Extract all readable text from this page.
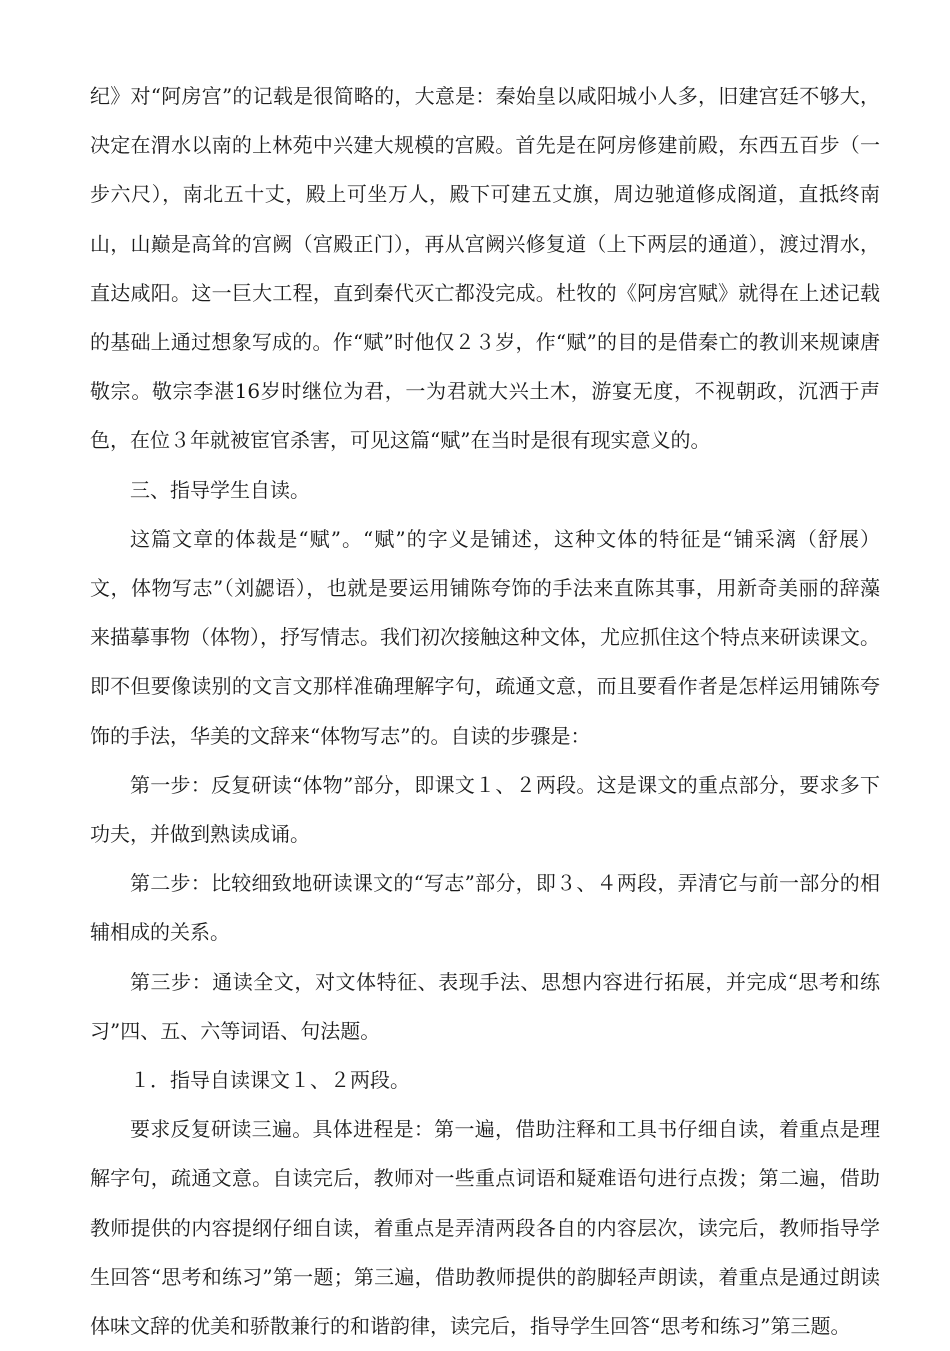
纪》对“阿房宫”的记载是很简略的，大意是：秦始皇以咸阳城小人多，旧建宫廷不够大，决定在渭水以南的上林苑中兴建大规模的宫殿。首先是在阿房修建前殿，东西五百步（一步六尺），南北五十丈，殿上可坐万人，殿下可建五丈旗，周边驰道修成阁道，直抵终南山，山巅是高耸的宫阙（宫殿正门），再从宫阙兴修复道（上下两层的通道），渡过渭水，直达咸阳。这一巨大工程，直到秦代灭亡都没完成。杜牧的《阿房宫赋》就得在上述记载的基础上通过想象写成的。作“赋”时他仅２３岁，作“赋”的目的是借秦亡的教训来规谏唐敬宗。敬宗李湛16岁时继位为君，一为君就大兴土木，游宴无度，不视朝政，沉洒于声色，在位３年就被宦官杀害，可见这篇“赋”在当时是很有现实意义的。

三、指导学生自读。

这篇文章的体裁是“赋”。“赋”的字义是铺述，这种文体的特征是“铺采漓（舒展）文，体物写志”（刘勰语），也就是要运用铺陈夸饰的手法来直陈其事，用新奇美丽的辞藻来描摹事物（体物），抒写情志。我们初次接触这种文体，尤应抓住这个特点来研读课文。即不但要像读别的文言文那样准确理解字句，疏通文意，而且要看作者是怎样运用铺陈夸饰的手法，华美的文辞来“体物写志”的。自读的步骤是：

第一步：反复研读“体物”部分，即课文１、２两段。这是课文的重点部分，要求多下功夫，并做到熟读成诵。

第二步：比较细致地研读课文的“写志”部分，即３、４两段，弄清它与前一部分的相辅相成的关系。

第三步：通读全文，对文体特征、表现手法、思想内容进行拓展，并完成“思考和练习”四、五、六等词语、句法题。

１．指导自读课文１、２两段。

要求反复研读三遍。具体进程是：第一遍，借助注释和工具书仔细自读，着重点是理解字句，疏通文意。自读完后，教师对一些重点词语和疑难语句进行点拨；第二遍，借助教师提供的内容提纲仔细自读，着重点是弄清两段各自的内容层次，读完后，教师指导学生回答“思考和练习”第一题；第三遍，借助教师提供的韵脚轻声朗读，着重点是通过朗读体味文辞的优美和骄散兼行的和谐韵律，读完后，指导学生回答“思考和练习”第三题。
